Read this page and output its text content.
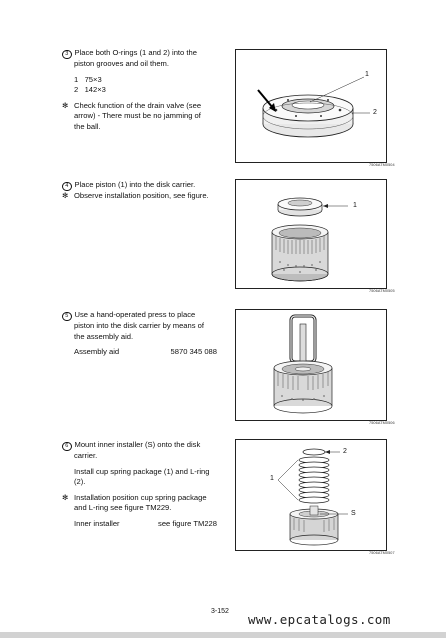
3 Place both O-rings (1 and 2) into the

piston grooves and oil them.

1 75×3

2 142×3

✻ Check function of the drain valve (see

arrow) - There must be no jamming of

the ball.

1
2
7506ATM0504

4 Place piston (1) into the disk carrier.

✻ Observe installation position, see figure.

1
7506ATM0505

5 Use a hand-operated press to place

piston into the disk carrier by means of

the assembly aid.

Assembly aid	5870 345 088

7506ATM0506

6 Mount inner installer (S) onto the disk

carrier.

Install cup spring package (1) and L-ring

(2).

✻ Installation position cup spring package

and L-ring see figure TM229.

Inner installer	see figure TM228

2
1
S
7506ATM0507
3-152
www.epcatalogs.com
